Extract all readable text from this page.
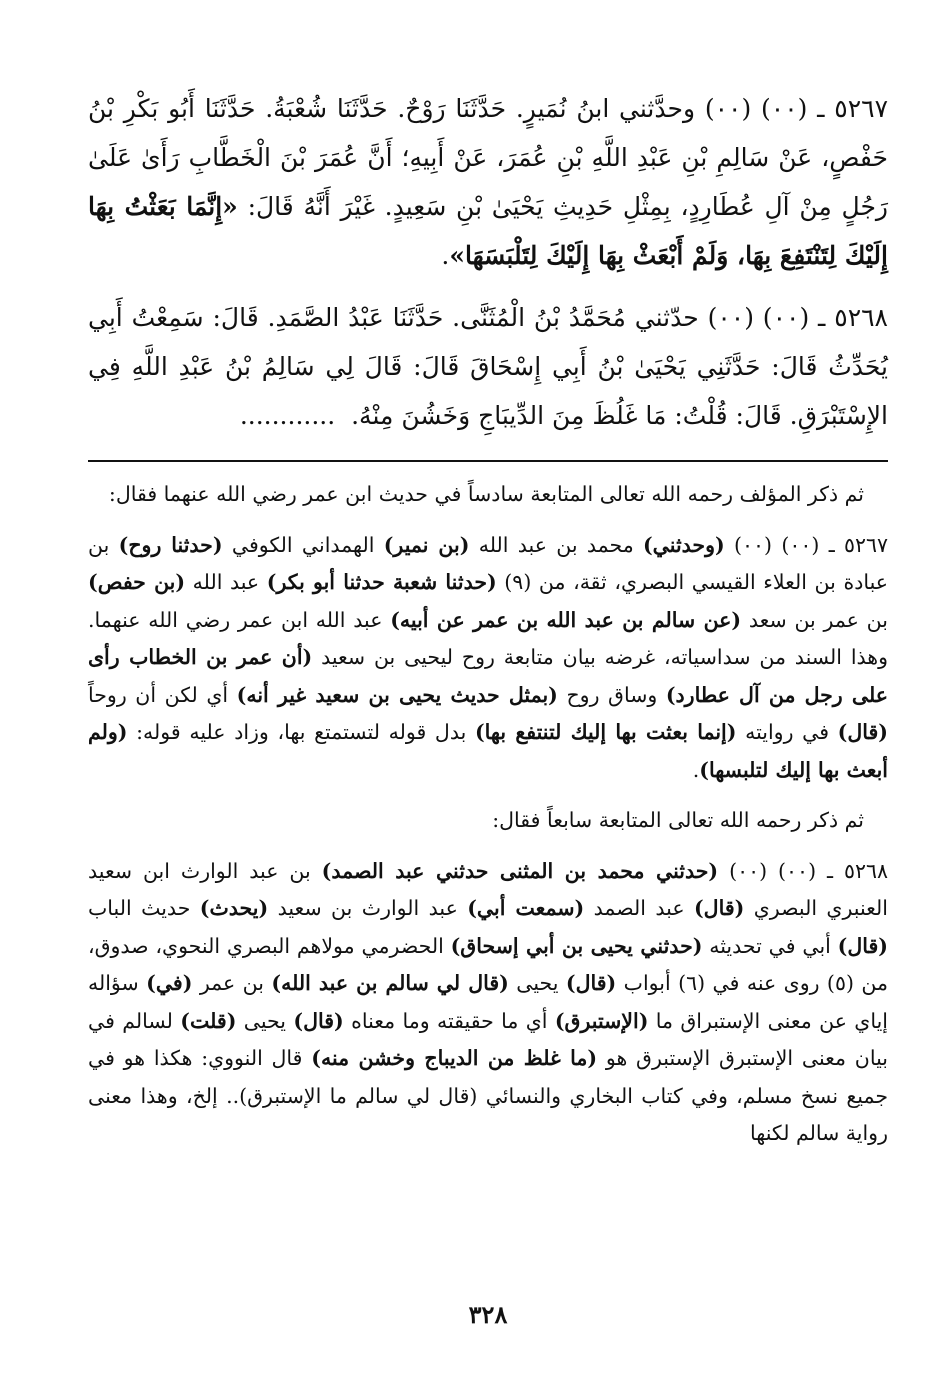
٥٢٦٧ ـ (٠٠) (٠٠) وحدَّثني ابنُ نُمَيرٍ. حَدَّثَنَا رَوْحٌ. حَدَّثَنَا شُعْبَةُ. حَدَّثَنَا أَبُو بَكْرِ بْنُ حَفْصٍ، عَنْ سَالِمِ بْنِ عَبْدِ اللَّهِ بْنِ عُمَرَ، عَنْ أَبِيهِ؛ أَنَّ عُمَرَ بْنَ الْخَطَّابِ رَأَىٰ عَلَىٰ رَجُلٍ مِنْ آلِ عُطَارِدٍ، بِمِثْلِ حَدِيثِ يَحْيَىٰ بْنِ سَعِيدٍ. غَيْرَ أَنَّهُ قَالَ: «إِنَّمَا بَعَثْتُ بِهَا إِلَيْكَ لِتَنْتَفِعَ بِهَا، وَلَمْ أَبْعَثْ بِهَا إِلَيْكَ لِتَلْبَسَهَا».

٥٢٦٨ ـ (٠٠) (٠٠) حدّثني مُحَمَّدُ بْنُ الْمُثَنَّى. حَدَّثَنَا عَبْدُ الصَّمَدِ. قَالَ: سَمِعْتُ أَبِي يُحَدِّثُ قَالَ: حَدَّثَنِي يَحْيَىٰ بْنُ أَبِي إِسْحَاقَ قَالَ: قَالَ لِي سَالِمُ بْنُ عَبْدِ اللَّهِ فِي الإِسْتَبْرَقِ. قَالَ: قُلْتُ: مَا غَلُظَ مِنَ الدِّيبَاجِ وَخَشُنَ مِنْهُ.  ............

ثم ذكر المؤلف رحمه الله تعالى المتابعة سادساً في حديث ابن عمر رضي الله عنهما فقال:

٥٢٦٧ ـ (٠٠) (٠٠) (وحدثني) محمد بن عبد الله (بن نمير) الهمداني الكوفي (حدثنا روح) بن عبادة بن العلاء القيسي البصري، ثقة، من (٩) (حدثنا شعبة حدثنا أبو بكر) عبد الله (بن حفص) بن عمر بن سعد (عن سالم بن عبد الله بن عمر عن أبيه) عبد الله ابن عمر رضي الله عنهما. وهذا السند من سداسياته، غرضه بيان متابعة روح ليحيى بن سعيد (أن عمر بن الخطاب رأى على رجل من آل عطارد) وساق روح (بمثل حديث يحيى بن سعيد غير أنه) أي لكن أن روحاً (قال) في روايته (إنما بعثت بها إليك لتنتفع بها) بدل قوله لتستمتع بها، وزاد عليه قوله: (ولم أبعث بها إليك لتلبسها).

ثم ذكر رحمه الله تعالى المتابعة سابعاً فقال:

٥٢٦٨ ـ (٠٠) (٠٠) (حدثني محمد بن المثنى حدثني عبد الصمد) بن عبد الوارث ابن سعيد العنبري البصري (قال) عبد الصمد (سمعت أبي) عبد الوارث بن سعيد (يحدث) حديث الباب (قال) أبي في تحديثه (حدثني يحيى بن أبي إسحاق) الحضرمي مولاهم البصري النحوي، صدوق، من (٥) روى عنه في (٦) أبواب (قال) يحيى (قال لي سالم بن عبد الله) بن عمر (في) سؤاله إياي عن معنى الإستبراق ما (الإستبرق) أي ما حقيقته وما معناه (قال) يحيى (قلت) لسالم في بيان معنى الإستبرق الإستبرق هو (ما غلظ من الديباج وخشن منه) قال النووي: هكذا هو في جميع نسخ مسلم، وفي كتاب البخاري والنسائي (قال لي سالم ما الإستبرق).. إلخ، وهذا معنى رواية سالم لكنها

٣٢٨
